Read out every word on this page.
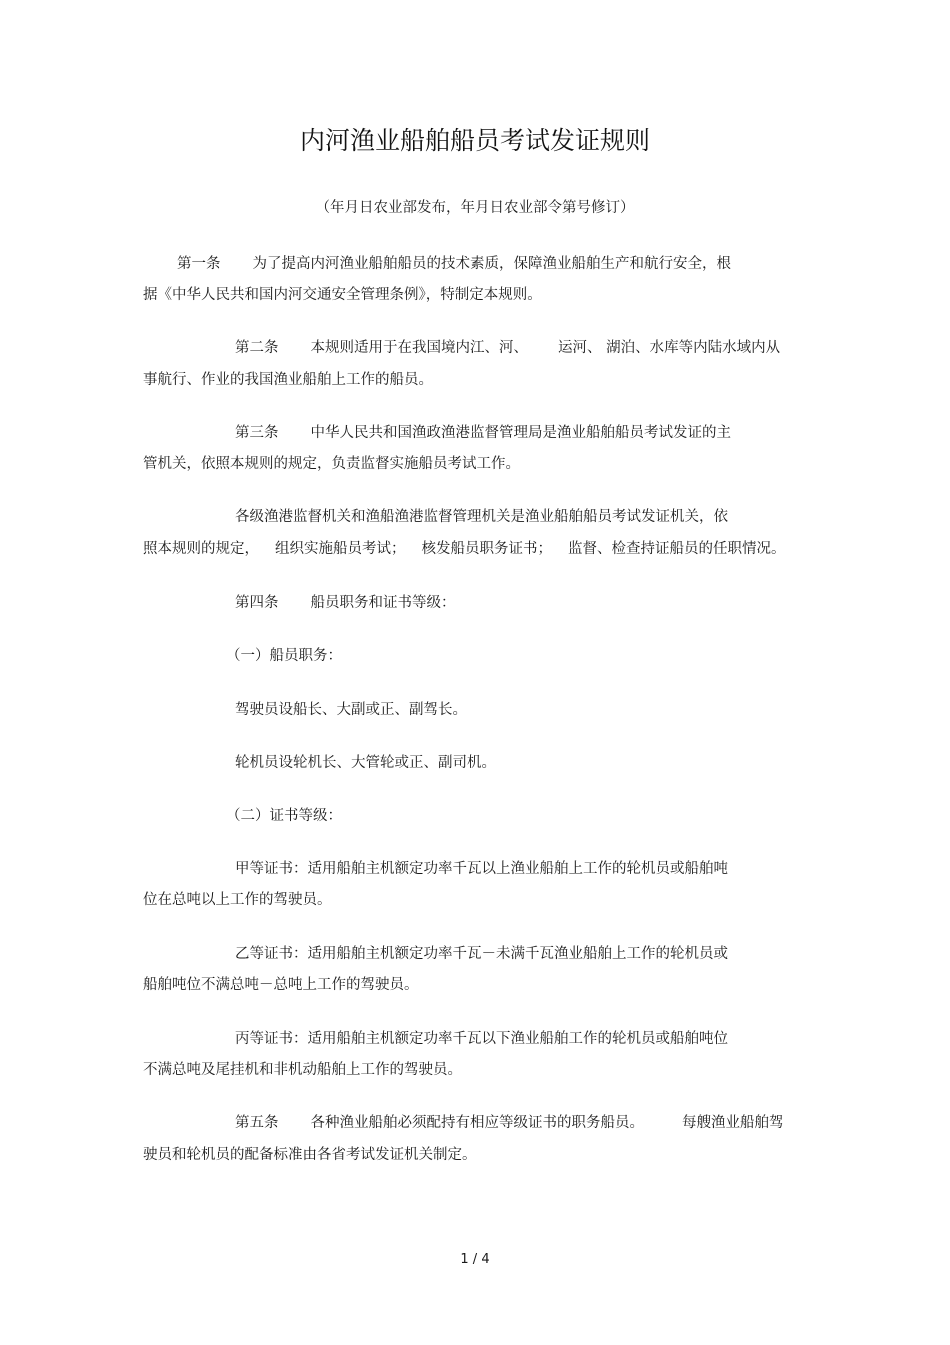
内河渔业船舶船员考试发证规则
（年月日农业部发布，年月日农业部令第号修订）
第一条 为了提高内河渔业船舶船员的技术素质，保障渔业船舶生产和航行安全，根
据《中华人民共和国内河交通安全管理条例》，特制定本规则。
第二条 本规则适用于在我国境内江、河、 运河、 湖泊、水库等内陆水域内从
事航行、作业的我国渔业船舶上工作的船员。
第三条 中华人民共和国渔政渔港监督管理局是渔业船舶船员考试发证的主
管机关，依照本规则的规定，负责监督实施船员考试工作。
各级渔港监督机关和渔船渔港监督管理机关是渔业船舶船员考试发证机关，依
照本规则的规定， 组织实施船员考试； 核发船员职务证书； 监督、检查持证船员的任职情况。
第四条 船员职务和证书等级：
（一）船员职务：
驾驶员设船长、大副或正、副驾长。
轮机员设轮机长、大管轮或正、副司机。
（二）证书等级：
甲等证书：适用船舶主机额定功率千瓦以上渔业船舶上工作的轮机员或船舶吨
位在总吨以上工作的驾驶员。
乙等证书：适用船舶主机额定功率千瓦－未满千瓦渔业船舶上工作的轮机员或
船舶吨位不满总吨－总吨上工作的驾驶员。
丙等证书：适用船舶主机额定功率千瓦以下渔业船舶工作的轮机员或船舶吨位
不满总吨及尾挂机和非机动船舶上工作的驾驶员。
第五条 各种渔业船舶必须配持有相应等级证书的职务船员。	每艘渔业船舶驾
驶员和轮机员的配备标准由各省考试发证机关制定。
1 / 4
